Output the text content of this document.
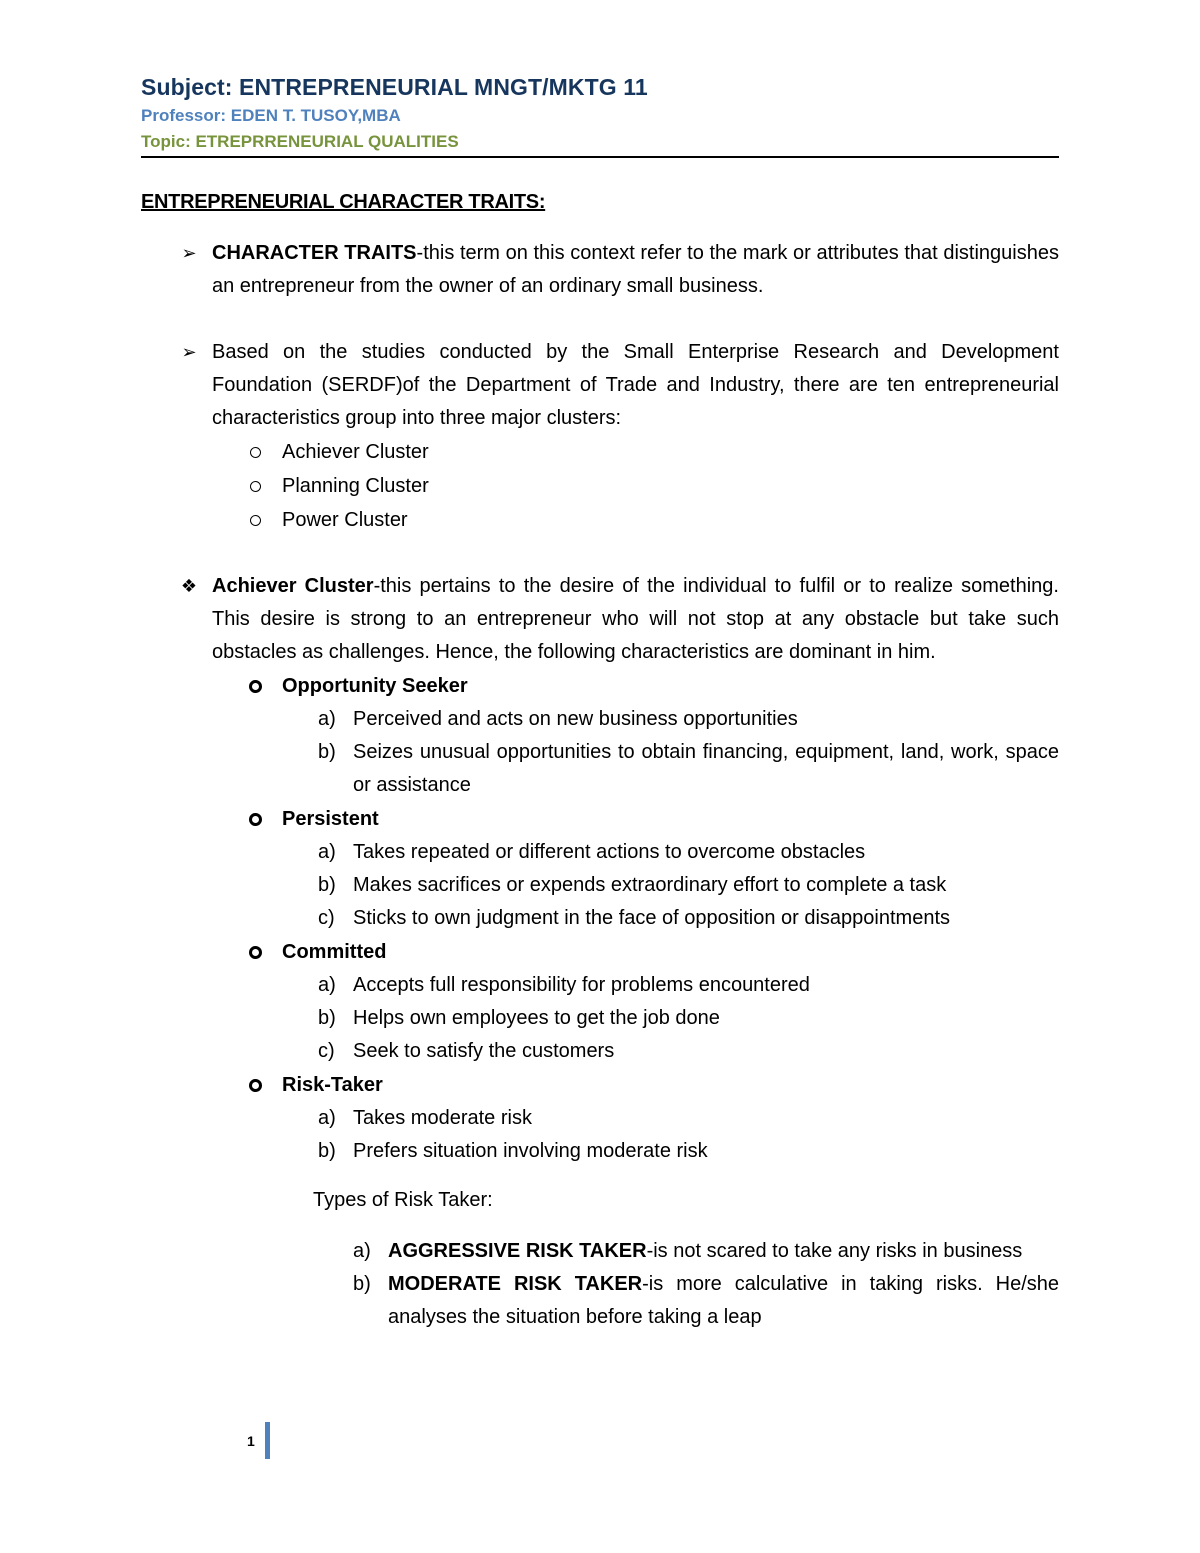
Subject: ENTREPRENEURIAL MNGT/MKTG 11
Professor: EDEN T. TUSOY,MBA
Topic: ETREPRRENEURIAL QUALITIES
ENTREPRENEURIAL CHARACTER TRAITS:
➢ CHARACTER TRAITS-this term on this context refer to the mark or attributes that distinguishes an entrepreneur from the owner of an ordinary small business.
➢ Based on the studies conducted by the Small Enterprise Research and Development Foundation (SERDF)of the Department of Trade and Industry, there are ten entrepreneurial characteristics group into three major clusters:
Achiever Cluster
Planning Cluster
Power Cluster
❖ Achiever Cluster-this pertains to the desire of the individual to fulfil or to realize something. This desire is strong to an entrepreneur who will not stop at any obstacle but take such obstacles as challenges. Hence, the following characteristics are dominant in him.
Opportunity Seeker
a) Perceived and acts on new business opportunities
b) Seizes unusual opportunities to obtain financing, equipment, land, work, space or assistance
Persistent
a) Takes repeated or different actions to overcome obstacles
b) Makes sacrifices or expends extraordinary effort to complete a task
c) Sticks to own judgment in the face of opposition or disappointments
Committed
a) Accepts full responsibility for problems encountered
b) Helps own employees to get the job done
c) Seek to satisfy the customers
Risk-Taker
a) Takes moderate risk
b) Prefers situation involving moderate risk
Types of Risk Taker:
a) AGGRESSIVE RISK TAKER-is not scared to take any risks in business
b) MODERATE RISK TAKER-is more calculative in taking risks. He/she analyses the situation before taking a leap
1
